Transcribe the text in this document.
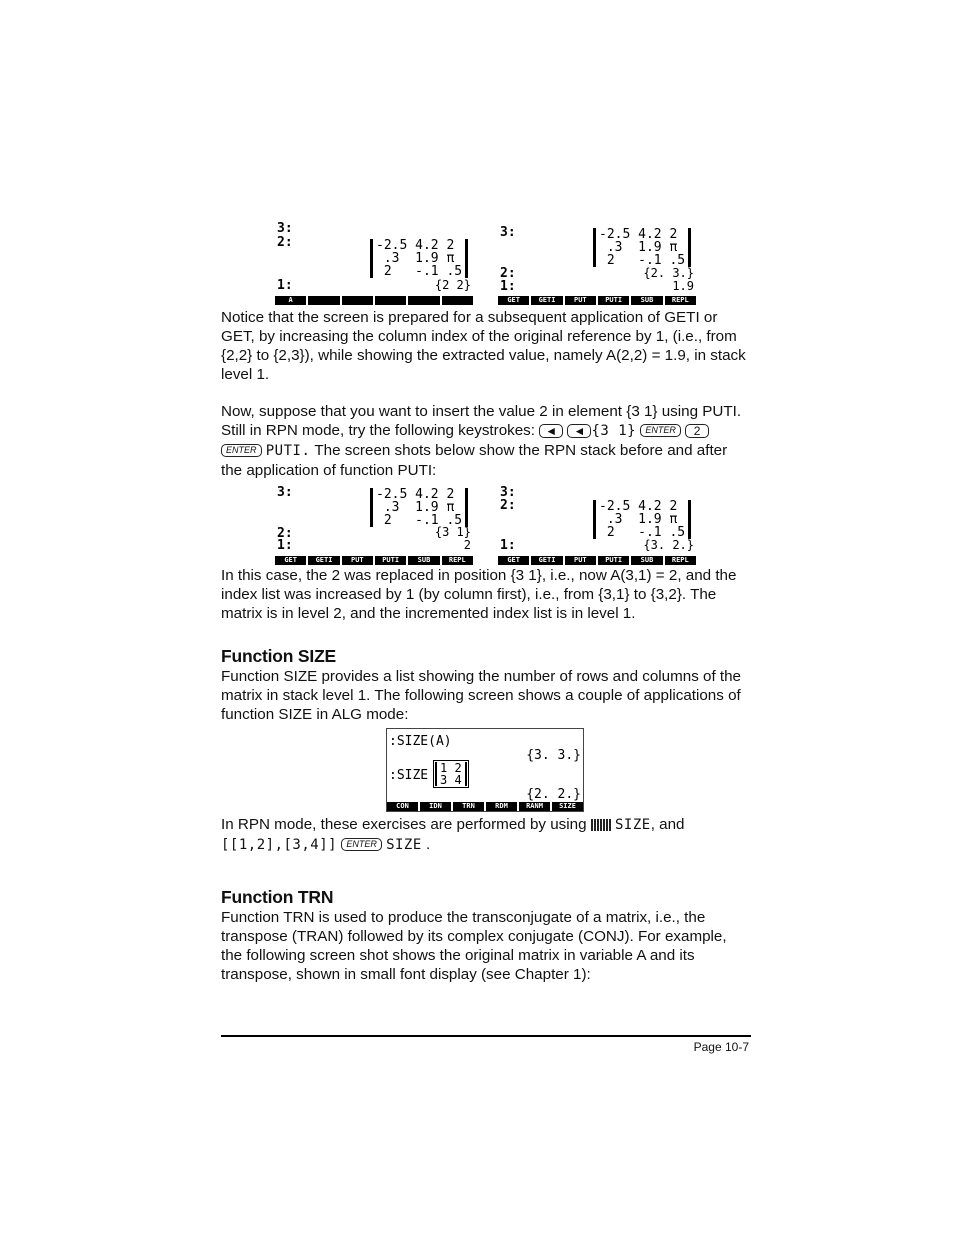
3:
2:	-2.5 4.2 2
.3  1.9 π
2   -.1 .5
1:	{2 2}
A
3:	-2.5 4.2 2
.3  1.9 π
2   -.1 .5
2:	{2. 3.}
1:	1.9
GET	GETI	PUT	PUTI	SUB	REPL

Notice that the screen is prepared for a subsequent application of GETI or GET, by increasing the column index of the original reference by 1, (i.e., from {2,2} to {2,3}), while showing the extracted value, namely A(2,2) = 1.9, in stack level 1.

Now, suppose that you want to insert the value 2 in element {3 1} using PUTI. Still in RPN mode, try the following keystrokes: ◄ ◄ {3 1} ENTER 2 ENTER PUTI. The screen shots below show the RPN stack before and after the application of function PUTI:

3:	-2.5 4.2 2
.3  1.9 π
2   -.1 .5
{3 1}
2:
1:	2
GET	GETI	PUT	PUTI	SUB	REPL
3:
2:	-2.5 4.2 2
.3  1.9 π
2   -.1 .5
1:	{3. 2.}
GET	GETI	PUT	PUTI	SUB	REPL

In this case, the 2 was replaced in position {3 1}, i.e., now A(3,1) = 2, and the index list was increased by 1 (by column first), i.e., from {3,1} to {3,2}. The matrix is in level 2, and the incremented index list is in level 1.

Function SIZE

Function SIZE provides a list showing the number of rows and columns of the matrix in stack level 1. The following screen shows a couple of applications of function SIZE in ALG mode:

:SIZE(A)
{3. 3.}
:SIZE 1 2
3 4
{2. 2.}
CON	IDN	TRN	RDM	RANM	SIZE

In RPN mode, these exercises are performed by using SIZE, and
[[1,2],[3,4]] ENTER SIZE .

Function TRN

Function TRN is used to produce the transconjugate of a matrix, i.e., the transpose (TRAN) followed by its complex conjugate (CONJ). For example, the following screen shot shows the original matrix in variable A and its transpose, shown in small font display (see Chapter 1):

Page 10-7
